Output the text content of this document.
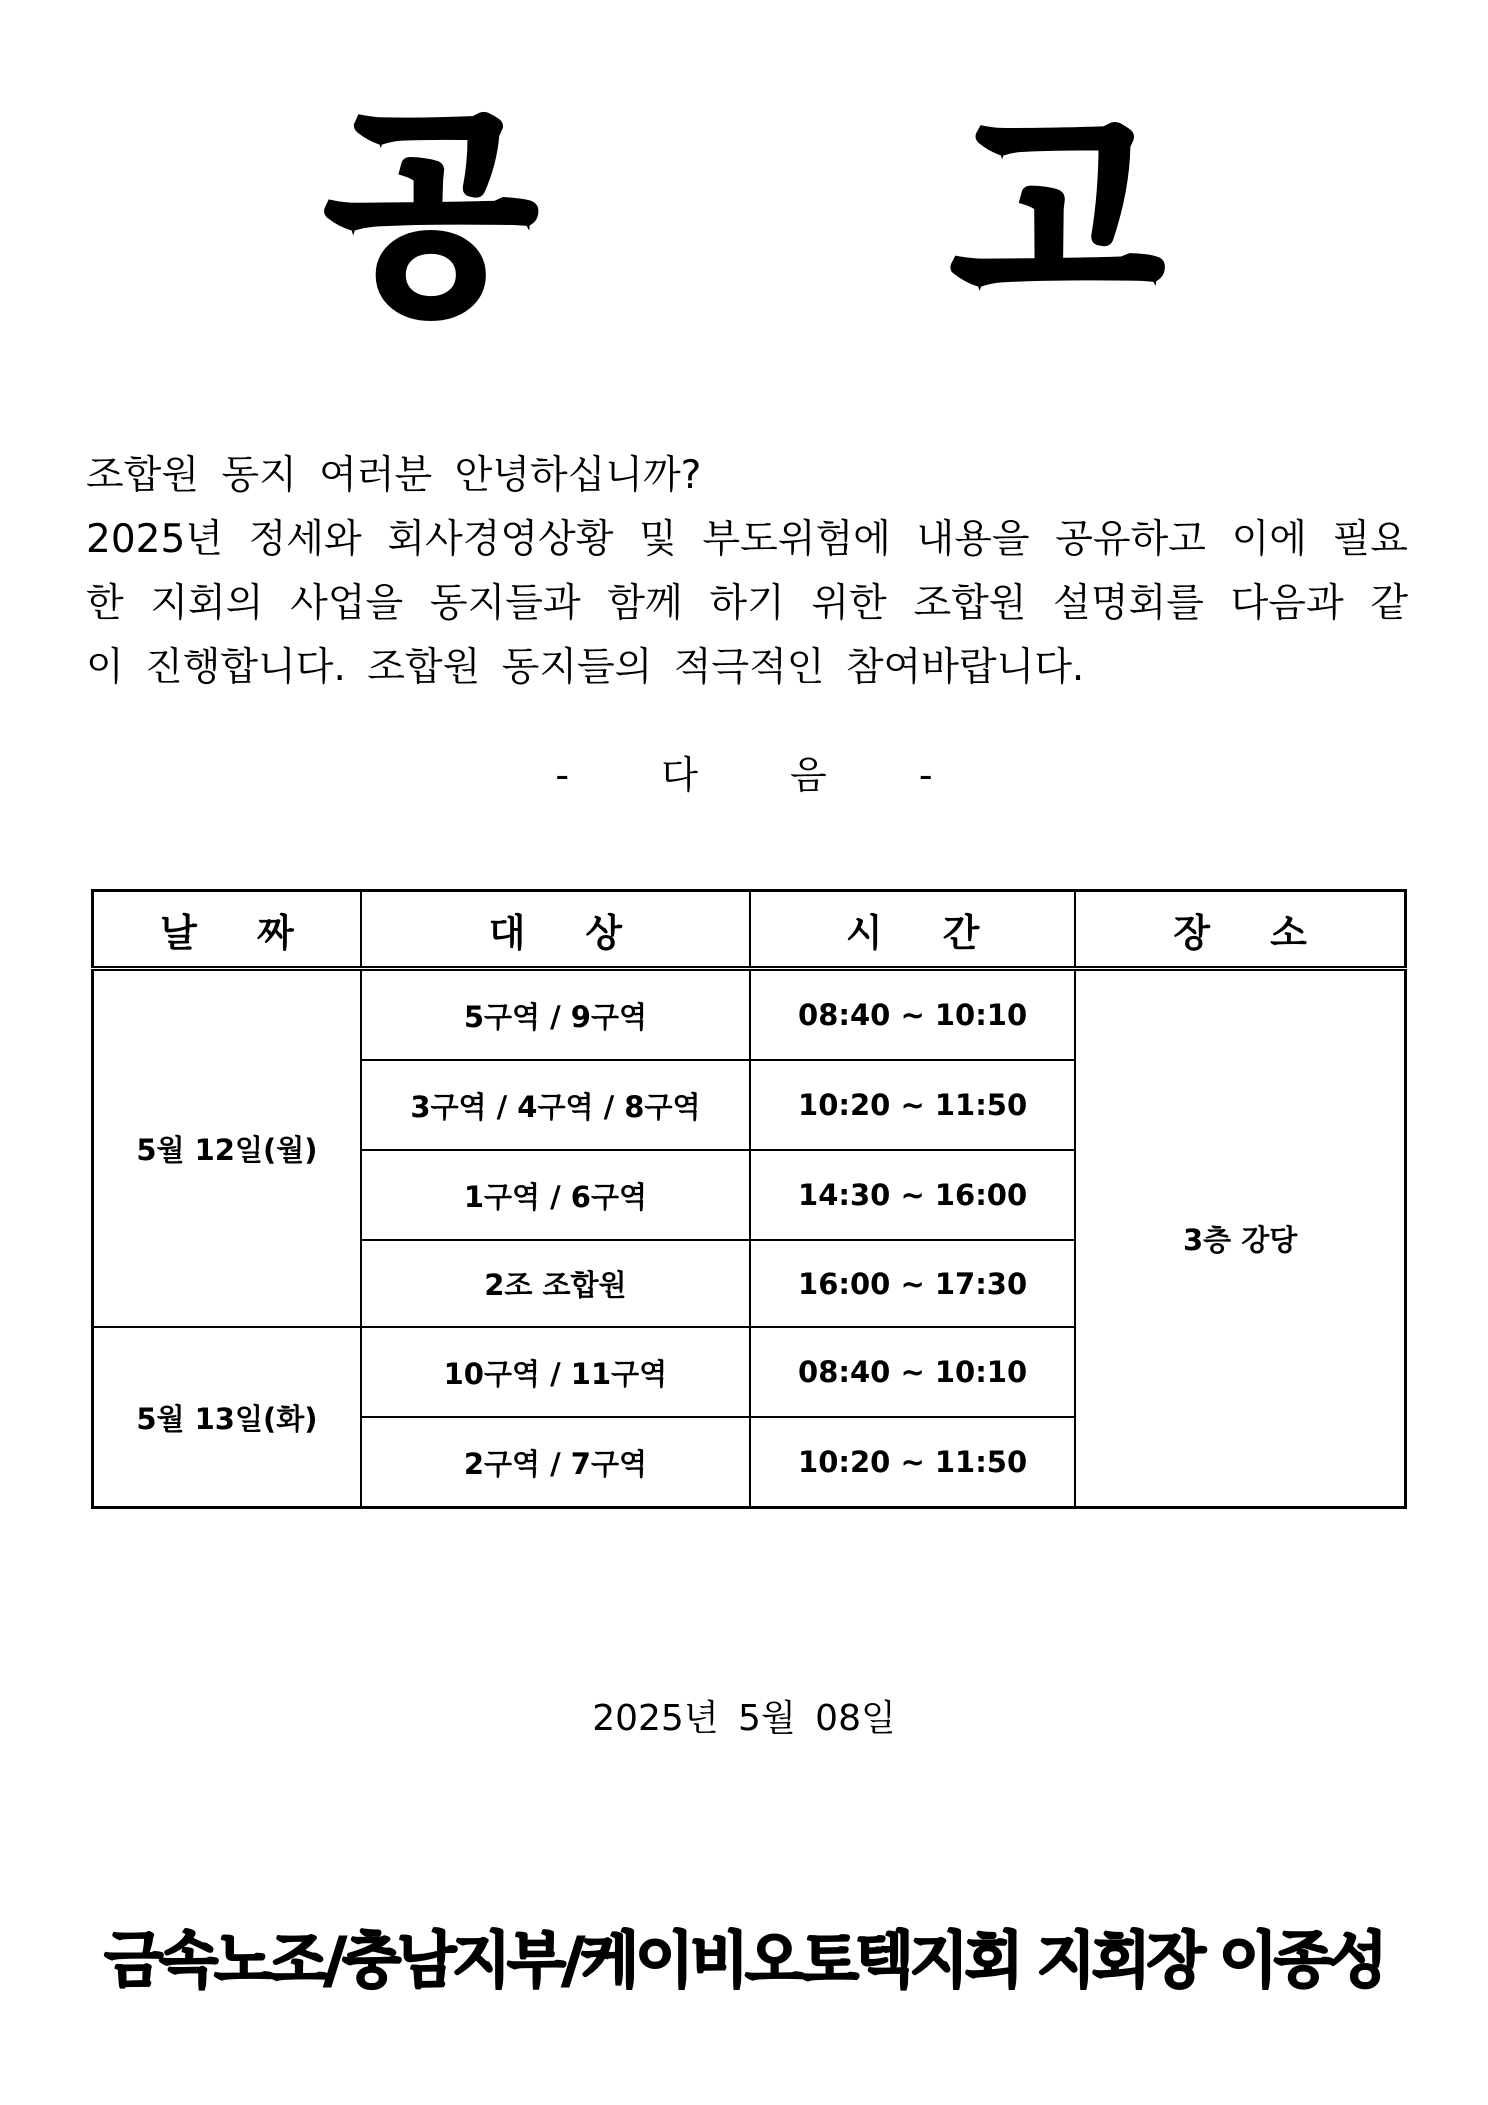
공 고
조합원 동지 여러분 안녕하십니까?
2025년 정세와 회사경영상황 및 부도위험에 내용을 공유하고 이에 필요
한 지회의 사업을 동지들과 함께 하기 위한 조합원 설명회를 다음과 같
이 진행합니다. 조합원 동지들의 적극적인 참여바랍니다.
- 다 음 -
날 짜	대 상	시 간	장 소
5월 12일(월)	5구역 / 9구역	08:40 ~ 10:10	3층 강당
	3구역 / 4구역 / 8구역	10:20 ~ 11:50	
	1구역 / 6구역	14:30 ~ 16:00	
	2조 조합원	16:00 ~ 17:30	
5월 13일(화)	10구역 / 11구역	08:40 ~ 10:10	
	2구역 / 7구역	10:20 ~ 11:50	
2025년 5월 08일
금속노조/충남지부/케이비오토텍지회 지회장 이종성
